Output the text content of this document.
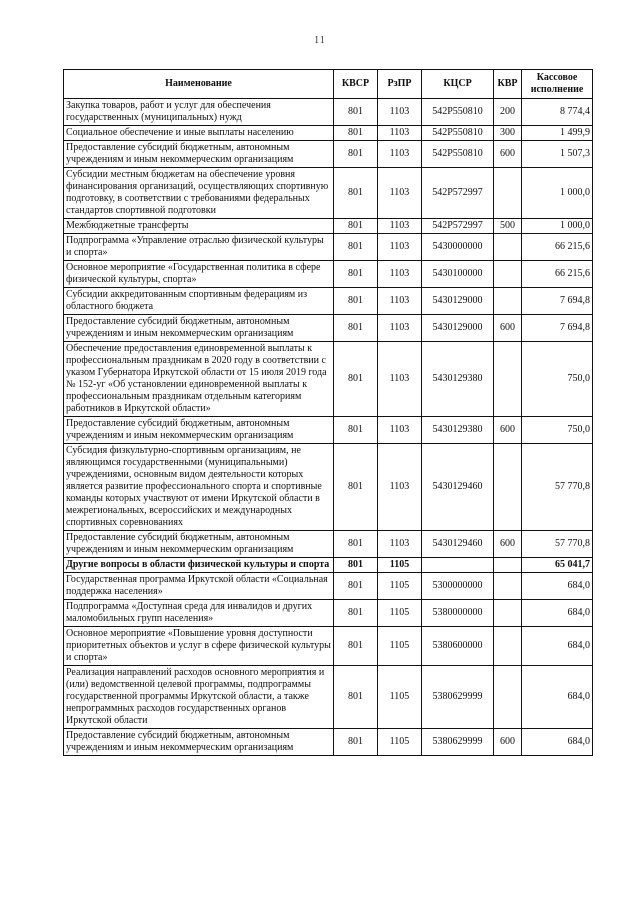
11
Наименование	КВСР	РзПР	КЦСР	КВР	Кассовое исполнение
Закупка товаров, работ и услуг для обеспечения государственных (муниципальных) нужд	801	1103	542P550810	200	8 774,4
Социальное обеспечение и иные выплаты населению	801	1103	542P550810	300	1 499,9
Предоставление субсидий бюджетным, автономным учреждениям и иным некоммерческим организациям	801	1103	542P550810	600	1 507,3
Субсидии местным бюджетам на обеспечение уровня финансирования организаций, осуществляющих спортивную подготовку, в соответствии с требованиями федеральных стандартов спортивной подготовки	801	1103	542P572997		1 000,0
Межбюджетные трансферты	801	1103	542P572997	500	1 000,0
Подпрограмма «Управление отраслью физической культуры и спорта»	801	1103	5430000000		66 215,6
Основное мероприятие «Государственная политика в сфере физической культуры, спорта»	801	1103	5430100000		66 215,6
Субсидии аккредитованным спортивным федерациям из областного бюджета	801	1103	5430129000		7 694,8
Предоставление субсидий бюджетным, автономным учреждениям и иным некоммерческим организациям	801	1103	5430129000	600	7 694,8
Обеспечение предоставления единовременной выплаты к профессиональным праздникам в 2020 году в соответствии с указом Губернатора Иркутской области от 15 июля 2019 года № 152-уг «Об установлении единовременной выплаты к профессиональным праздникам отдельным категориям работников в Иркутской области»	801	1103	5430129380		750,0
Предоставление субсидий бюджетным, автономным учреждениям и иным некоммерческим организациям	801	1103	5430129380	600	750,0
Субсидия физкультурно-спортивным организациям, не являющимся государственными (муниципальными) учреждениями, основным видом деятельности которых является развитие профессионального спорта и спортивные команды которых участвуют от имени Иркутской области в межрегиональных, всероссийских и международных спортивных соревнованиях	801	1103	5430129460		57 770,8
Предоставление субсидий бюджетным, автономным учреждениям и иным некоммерческим организациям	801	1103	5430129460	600	57 770,8
Другие вопросы в области физической культуры и спорта	801	1105			65 041,7
Государственная программа Иркутской области «Социальная поддержка населения»	801	1105	5300000000		684,0
Подпрограмма «Доступная среда для инвалидов и других маломобильных групп населения»	801	1105	5380000000		684,0
Основное мероприятие «Повышение уровня доступности приоритетных объектов и услуг в сфере физической культуры и спорта»	801	1105	5380600000		684,0
Реализация направлений расходов основного мероприятия и (или) ведомственной целевой программы, подпрограммы государственной программы Иркутской области, а также непрограммных расходов государственных органов Иркутской области	801	1105	5380629999		684,0
Предоставление субсидий бюджетным, автономным учреждениям и иным некоммерческим организациям	801	1105	5380629999	600	684,0
